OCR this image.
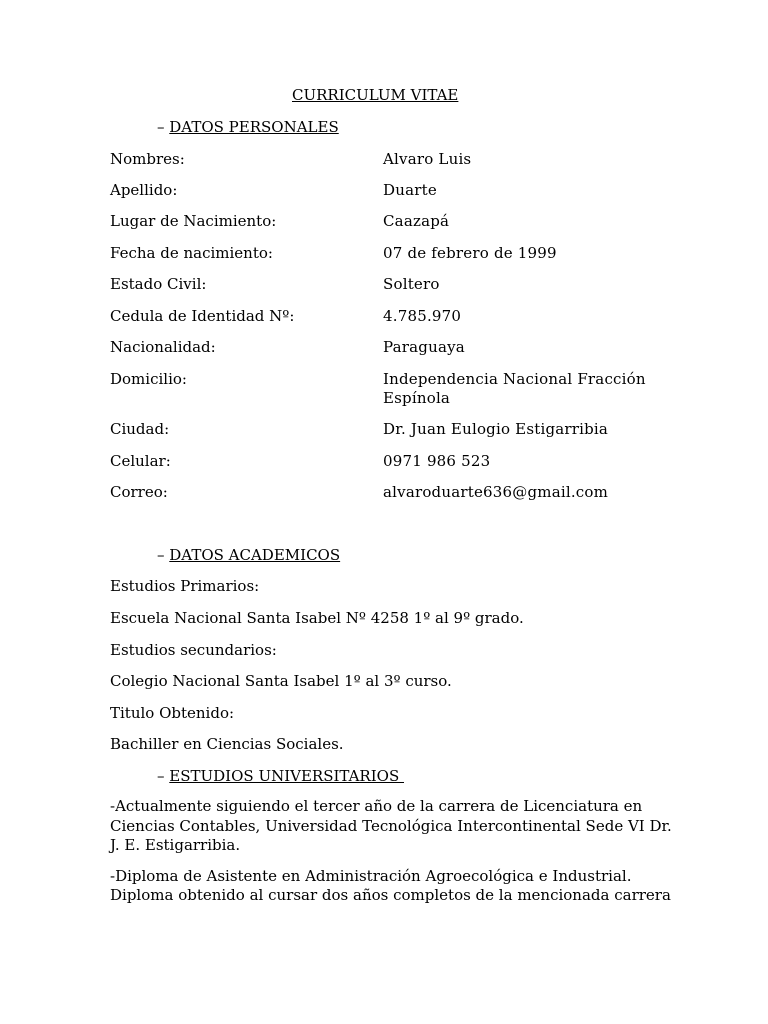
CURRICULUM VITAE
– DATOS PERSONALES
Nombres:	Alvaro Luis
Apellido:	Duarte
Lugar de Nacimiento:	Caazapá
Fecha de nacimiento:	07 de febrero de 1999
Estado Civil:	Soltero
Cedula de Identidad Nº:	4.785.970
Nacionalidad:	Paraguaya
Domicilio:	Independencia Nacional Fracción
Espínola
Ciudad:	Dr. Juan Eulogio Estigarribia
Celular:	0971 986 523
Correo:	alvaroduarte636@gmail.com
– DATOS ACADEMICOS
Estudios Primarios:
Escuela Nacional Santa Isabel Nº 4258 1º al 9º grado.
Estudios secundarios:
Colegio Nacional Santa Isabel 1º al 3º curso.
Titulo Obtenido:
Bachiller en Ciencias Sociales.
– ESTUDIOS UNIVERSITARIOS
-Actualmente siguiendo el tercer año de la carrera de Licenciatura en
Ciencias Contables, Universidad Tecnológica Intercontinental Sede VI Dr.
J. E. Estigarribia.
-Diploma de Asistente en Administración Agroecológica e Industrial.
Diploma obtenido al cursar dos años completos de la mencionada carrera
